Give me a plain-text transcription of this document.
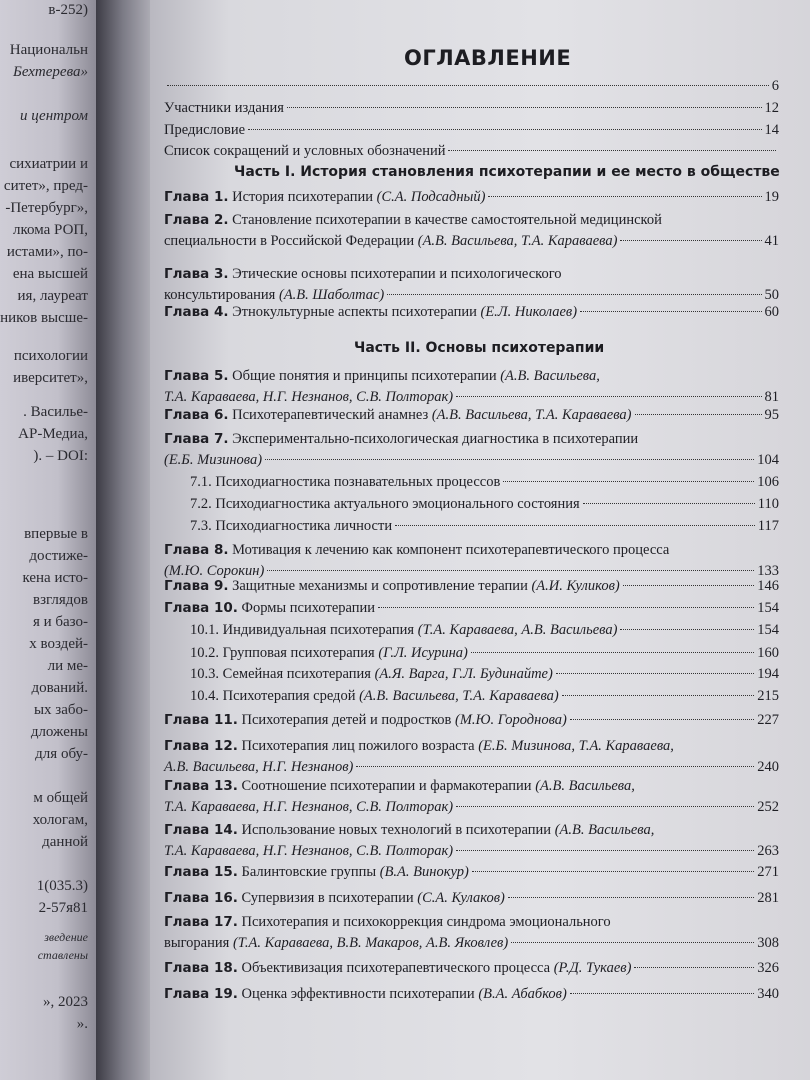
в-252)
Национальн
Бехтерева»
и центром
сихиатрии и
ситет», пред-
-Петербург»,
лкома РОП,
истами», по-
ена высшей
ия, лауреат
ников высше-
психологии
иверситет»,
. Василье-
АР-Медиа,
). – DOI:
впервые в
достиже-
кена исто-
взглядов
я и базо-
х воздей-
ли ме-
дований.
ых забо-
дложены
для обу-
м общей
хологам,
данной
1(035.3)
2-57я81
зведение
ставлены
», 2023
».
ОГЛАВЛЕНИЕ
6
Участники издания	12
Предисловие	14
Список сокращений и условных обозначений
Часть I. История становления психотерапии и ее место в обществе
Глава 1. История психотерапии (С.А. Подсадный)	19
Глава 2. Становление психотерапии в качестве самостоятельной медицинской
специальности в Российской Федерации (А.В. Васильева, Т.А. Караваева)	41
Глава 3. Этические основы психотерапии и психологического
консультирования (А.В. Шаболтас)	50
Глава 4. Этнокультурные аспекты психотерапии (Е.Л. Николаев)	60
Часть II. Основы психотерапии
Глава 5. Общие понятия и принципы психотерапии (А.В. Васильева,
Т.А. Караваева, Н.Г. Незнанов, С.В. Полторак)	81
Глава 6. Психотерапевтический анамнез (А.В. Васильева, Т.А. Караваева)	95
Глава 7. Экспериментально-психологическая диагностика в психотерапии
(Е.Б. Мизинова)	104
7.1. Психодиагностика познавательных процессов	106
7.2. Психодиагностика актуального эмоционального состояния	110
7.3. Психодиагностика личности	117
Глава 8. Мотивация к лечению как компонент психотерапевтического процесса
(М.Ю. Сорокин)	133
Глава 9. Защитные механизмы и сопротивление терапии (А.И. Куликов)	146
Глава 10. Формы психотерапии	154
10.1. Индивидуальная психотерапия (Т.А. Караваева, А.В. Васильева)	154
10.2. Групповая психотерапия (Г.Л. Исурина)	160
10.3. Семейная психотерапия (А.Я. Варга, Г.Л. Будинайте)	194
10.4. Психотерапия средой (А.В. Васильева, Т.А. Караваева)	215
Глава 11. Психотерапия детей и подростков (М.Ю. Городнова)	227
Глава 12. Психотерапия лиц пожилого возраста (Е.Б. Мизинова, Т.А. Караваева,
А.В. Васильева, Н.Г. Незнанов)	240
Глава 13. Соотношение психотерапии и фармакотерапии (А.В. Васильева,
Т.А. Караваева, Н.Г. Незнанов, С.В. Полторак)	252
Глава 14. Использование новых технологий в психотерапии (А.В. Васильева,
Т.А. Караваева, Н.Г. Незнанов, С.В. Полторак)	263
Глава 15. Балинтовские группы (В.А. Винокур)	271
Глава 16. Супервизия в психотерапии (С.А. Кулаков)	281
Глава 17. Психотерапия и психокоррекция синдрома эмоционального
выгорания (Т.А. Караваева, В.В. Макаров, А.В. Яковлев)	308
Глава 18. Объективизация психотерапевтического процесса (Р.Д. Тукаев)	326
Глава 19. Оценка эффективности психотерапии (В.А. Абабков)	340
